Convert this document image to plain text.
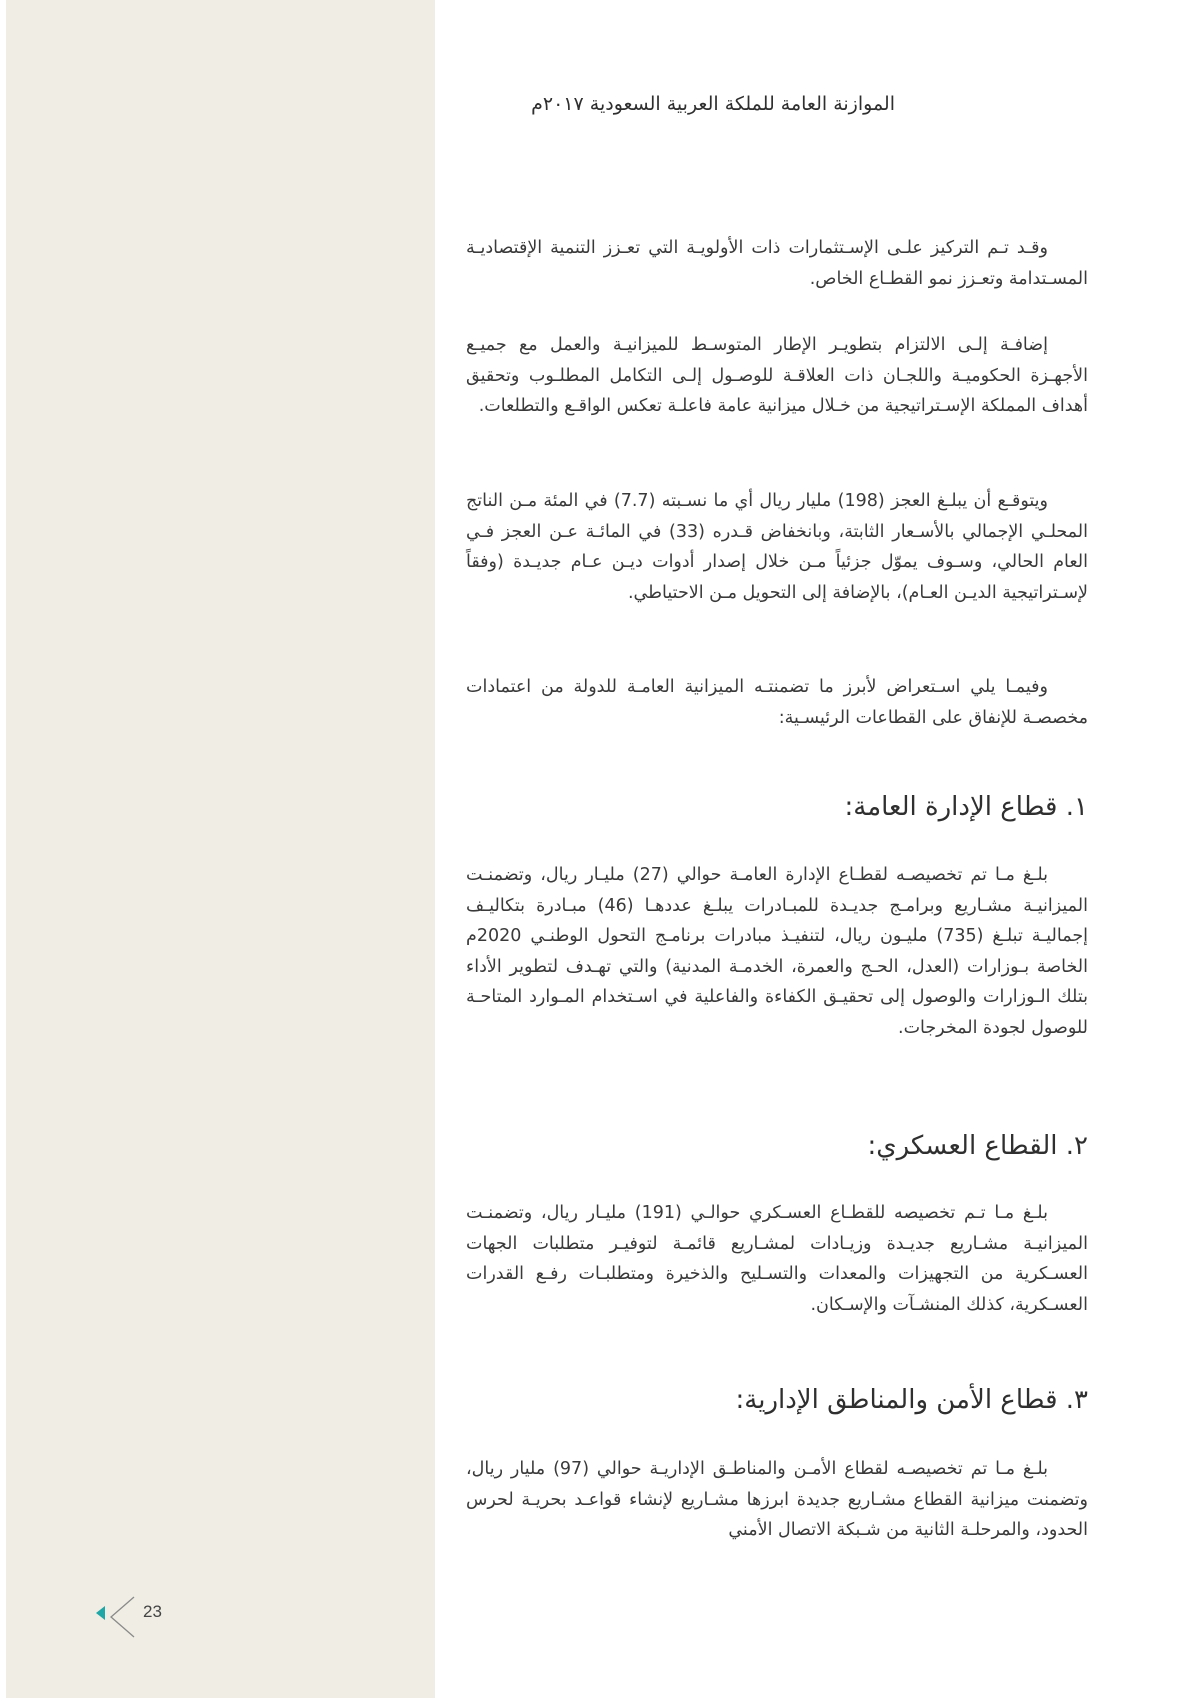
الموازنة العامة للملكة العربية السعودية ٢٠١٧م

وقـد تـم التركيز علـى الإسـتثمارات ذات الأولويـة التي تعـزز التنمية الإقتصاديـة المسـتدامة وتعـزز نمو القطـاع الخاص.

إضافـة إلـى الالتزام بتطويـر الإطار المتوسـط للميزانيـة والعمل مع جميـع الأجهـزة الحكوميـة واللجـان ذات العلاقـة للوصـول إلـى التكامل المطلـوب وتحقيق أهداف المملكة الإسـتراتيجية من خـلال ميزانية عامة فاعلـة تعكس الواقـع والتطلعات.

ويتوقـع أن يبلـغ العجز (198) مليار ريال أي ما نسـبته (7.7) في المئة مـن الناتج المحلـي الإجمالي بالأسـعار الثابتة، وبانخفاض قـدره (33) في المائـة عـن العجز فـي العام الحالي، وسـوف يموّل جزئياً مـن خلال إصدار أدوات ديـن عـام جديـدة (وفقاً لإسـتراتيجية الديـن العـام)، بالإضافة إلى التحويل مـن الاحتياطي.

وفيمـا يلي اسـتعراض لأبرز ما تضمنتـه الميزانية العامـة للدولة من اعتمادات مخصصـة للإنفاق على القطاعات الرئيسـية:

١. قطاع الإدارة العامة:

بلـغ مـا تم تخصيصـه لقطـاع الإدارة العامـة حوالي (27) مليـار ريال، وتضمنـت الميزانيـة مشـاريع وبرامـج جديـدة للمبـادرات يبلـغ عددهـا (46) مبـادرة بتكاليـف إجماليـة تبلـغ (735) مليـون ريال، لتنفيـذ مبادرات برنامـج التحول الوطنـي 2020م الخاصة بـوزارات (العدل، الحـج والعمرة، الخدمـة المدنية) والتي تهـدف لتطوير الأداء بتلك الـوزارات والوصول إلى تحقيـق الكفاءة والفاعلية في اسـتخدام المـوارد المتاحـة للوصول لجودة المخرجات.

٢. القطاع العسكري:

بلـغ مـا تـم تخصيصه للقطـاع العسـكري حوالـي (191) مليـار ريال، وتضمنـت الميزانيـة مشـاريع جديـدة وزيـادات لمشـاريع قائمـة لتوفيـر متطلبات الجهات العسـكرية من التجهيزات والمعدات والتسـليح والذخيرة ومتطلبـات رفـع القدرات العسـكرية، كذلك المنشـآت والإسـكان.

٣. قطاع الأمن والمناطق الإدارية:

بلـغ مـا تم تخصيصـه لقطاع الأمـن والمناطـق الإداريـة حوالي (97) مليار ريال، وتضمنت ميزانية القطاع مشـاريع جديدة ابرزها مشـاريع لإنشاء قواعـد بحريـة لحرس الحدود، والمرحلـة الثانية من شـبكة الاتصال الأمني

23
